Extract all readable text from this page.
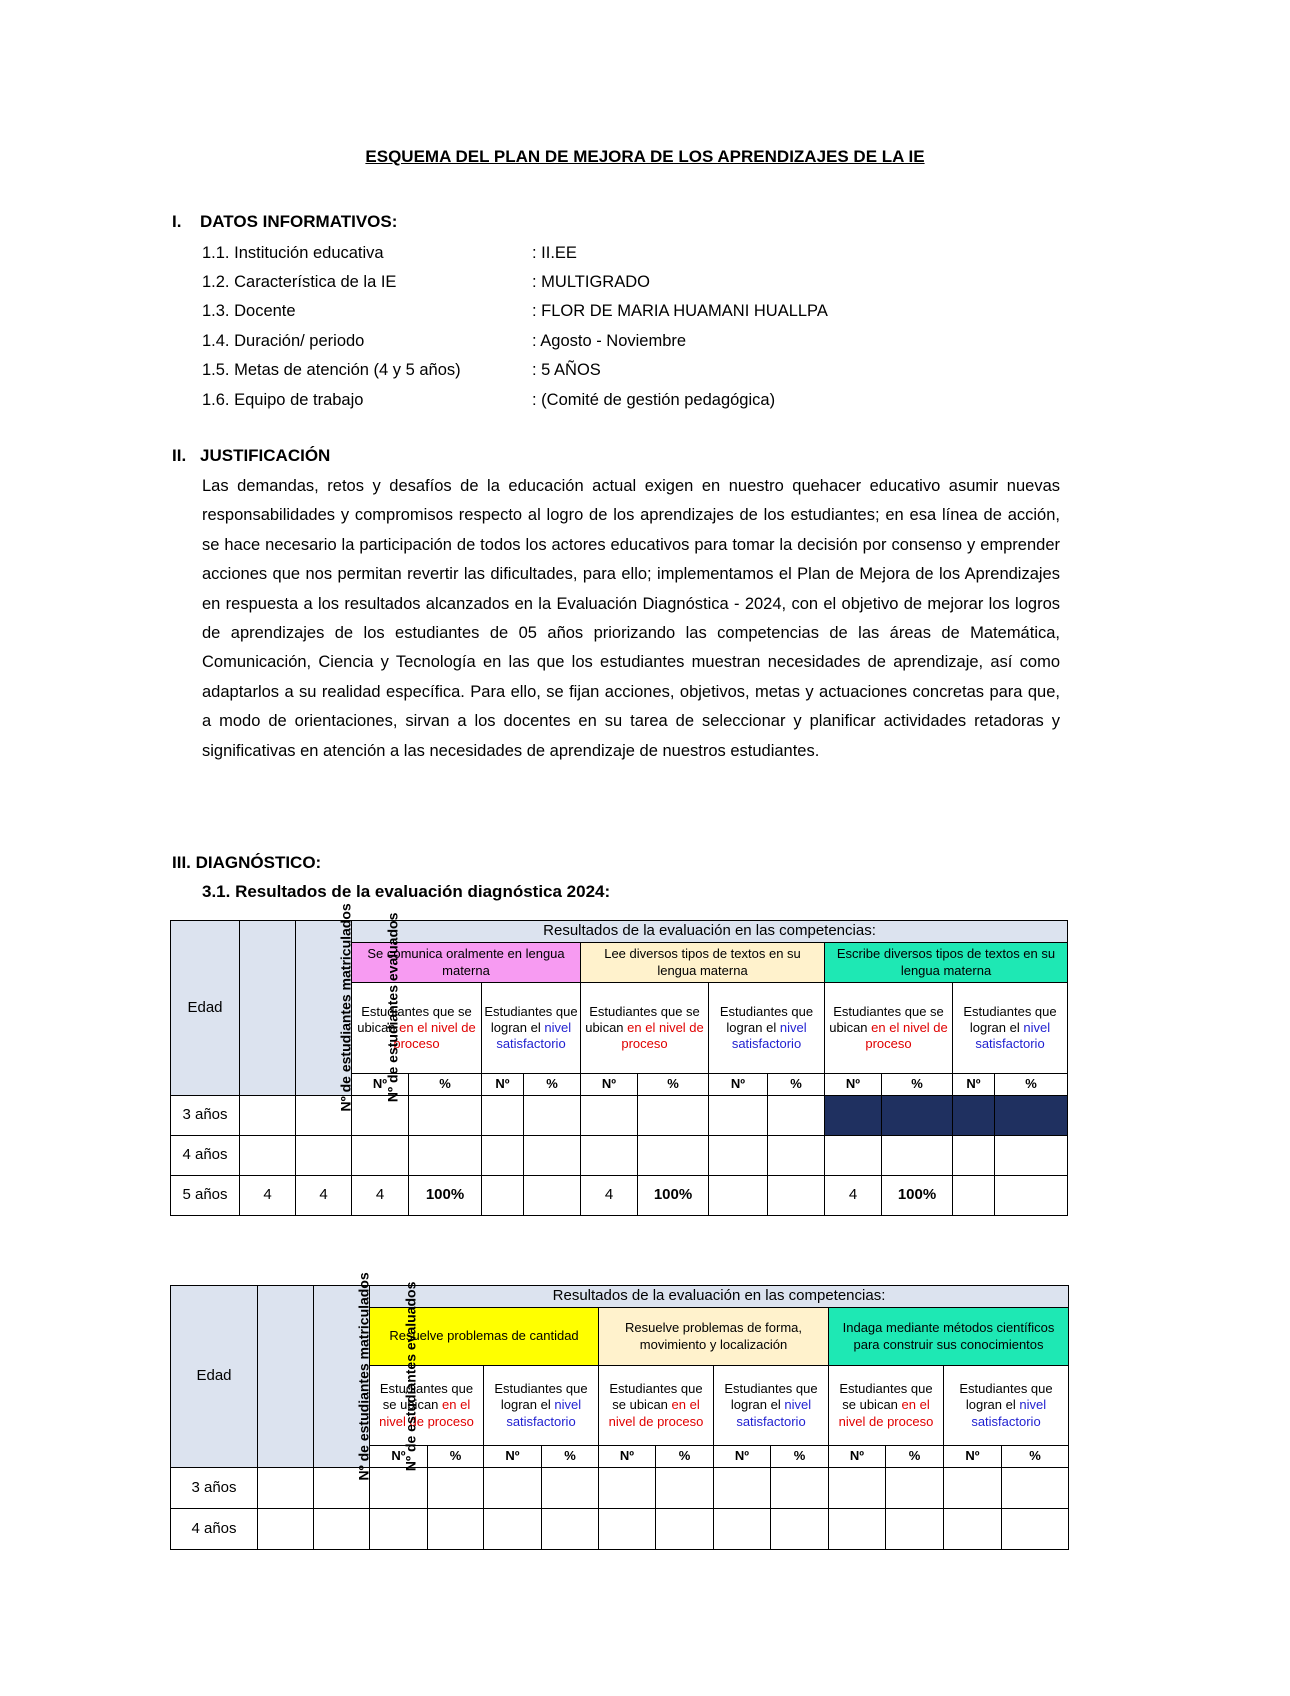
ESQUEMA DEL PLAN DE MEJORA DE LOS APRENDIZAJES DE LA IE
I. DATOS INFORMATIVOS:
1.1. Institución educativa	: II.EE
1.2. Característica de la IE	: MULTIGRADO
1.3. Docente	: FLOR DE MARIA HUAMANI HUALLPA
1.4. Duración/ periodo	: Agosto - Noviembre
1.5. Metas de atención (4 y 5 años)	: 5 AÑOS
1.6. Equipo de trabajo	: (Comité de gestión pedagógica)
II. JUSTIFICACIÓN

Las demandas, retos y desafíos de la educación actual exigen en nuestro quehacer educativo asumir nuevas responsabilidades y compromisos respecto al logro de los aprendizajes de los estudiantes; en esa línea de acción, se hace necesario la participación de todos los actores educativos para tomar la decisión por consenso y emprender acciones que nos permitan revertir las dificultades, para ello; implementamos el Plan de Mejora de los Aprendizajes en respuesta a los resultados alcanzados en la Evaluación Diagnóstica - 2024, con el objetivo de mejorar los logros de aprendizajes de los estudiantes de 05 años priorizando las competencias de las áreas de Matemática, Comunicación, Ciencia y Tecnología en las que los estudiantes muestran necesidades de aprendizaje, así como adaptarlos a su realidad específica. Para ello, se fijan acciones, objetivos, metas y actuaciones concretas para que, a modo de orientaciones, sirvan a los docentes en su tarea de seleccionar y planificar actividades retadoras y significativas en atención a las necesidades de aprendizaje de nuestros estudiantes.

III. DIAGNÓSTICO:
3.1. Resultados de la evaluación diagnóstica 2024:
Edad	Nº de estudiantes matriculados	Nº de estudiantes evaluados	Resultados de la evaluación en las competencias:											
			Se comunica oralmente en lengua materna				Lee diversos tipos de textos en su lengua materna				Escribe diversos tipos de textos en su lengua materna			
			Estudiantes que se ubican en el nivel de proceso		Estudiantes que logran el nivel satisfactorio		Estudiantes que se ubican en el nivel de proceso		Estudiantes que logran el nivel satisfactorio		Estudiantes que se ubican en el nivel de proceso		Estudiantes que logran el nivel satisfactorio	
			Nº	%	Nº	%	Nº	%	Nº	%	Nº	%	Nº	%
3 años														
4 años														
5 años	4	4	4	100%			4	100%			4	100%		
Edad	Nº de estudiantes matriculados	Nº de estudiantes evaluados	Resultados de la evaluación en las competencias:											
			Resuelve problemas de cantidad				Resuelve problemas de forma, movimiento y localización				Indaga mediante métodos científicos para construir sus conocimientos			
			Estudiantes que se ubican en el nivel de proceso		Estudiantes que logran el nivel satisfactorio		Estudiantes que se ubican en el nivel de proceso		Estudiantes que logran el nivel satisfactorio		Estudiantes que se ubican en el nivel de proceso		Estudiantes que logran el nivel satisfactorio	
			Nº	%	Nº	%	Nº	%	Nº	%	Nº	%	Nº	%
3 años														
4 años														
